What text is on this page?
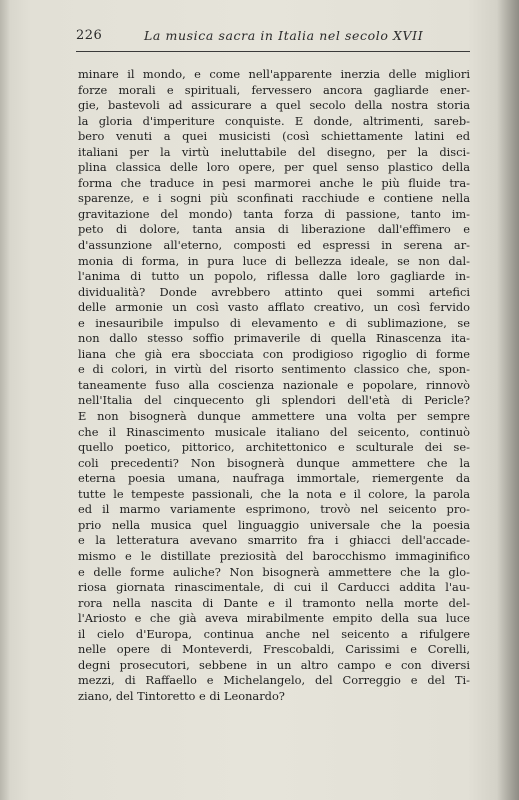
226	La musica sacra in Italia nel secolo XVII
minare il mondo, e come nell'apparente inerzia delle migliori
forze morali e spirituali, fervessero ancora gagliarde ener-
gie, bastevoli ad assicurare a quel secolo della nostra storia
la gloria d'imperiture conquiste. E donde, altrimenti, sareb-
bero venuti a quei musicisti (così schiettamente latini ed
italiani per la virtù ineluttabile del disegno, per la disci-
plina classica delle loro opere, per quel senso plastico della
forma che traduce in pesi marmorei anche le più fluide tra-
sparenze, e i sogni più sconfinati racchiude e contiene nella
gravitazione del mondo) tanta forza di passione, tanto im-
peto di dolore, tanta ansia di liberazione dall'effimero e
d'assunzione all'eterno, composti ed espressi in serena ar-
monia di forma, in pura luce di bellezza ideale, se non dal-
l'anima di tutto un popolo, riflessa dalle loro gagliarde in-
dividualità? Donde avrebbero attinto quei sommi artefici
delle armonie un così vasto afflato creativo, un così fervido
e inesauribile impulso di elevamento e di sublimazione, se
non dallo stesso soffio primaverile di quella Rinascenza ita-
liana che già era sbocciata con prodigioso rigoglio di forme
e di colori, in virtù del risorto sentimento classico che, spon-
taneamente fuso alla coscienza nazionale e popolare, rinnovò
nell'Italia del cinquecento gli splendori dell'età di Pericle?
E non bisognerà dunque ammettere una volta per sempre
che il Rinascimento musicale italiano del seicento, continuò
quello poetico, pittorico, architettonico e sculturale dei se-
coli precedenti? Non bisognerà dunque ammettere che la
eterna poesia umana, naufraga immortale, riemergente da
tutte le tempeste passionali, che la nota e il colore, la parola
ed il marmo variamente esprimono, trovò nel seicento pro-
prio nella musica quel linguaggio universale che la poesia
e la letteratura avevano smarrito fra i ghiacci dell'accade-
mismo e le distillate preziosità del barocchismo immaginifico
e delle forme auliche? Non bisognerà ammettere che la glo-
riosa giornata rinascimentale, di cui il Carducci addita l'au-
rora nella nascita di Dante e il tramonto nella morte del-
l'Ariosto e che già aveva mirabilmente empito della sua luce
il cielo d'Europa, continua anche nel seicento a rifulgere
nelle opere di Monteverdi, Frescobaldi, Carissimi e Corelli,
degni prosecutori, sebbene in un altro campo e con diversi
mezzi, di Raffaello e Michelangelo, del Correggio e del Ti-
ziano, del Tintoretto e di Leonardo?
